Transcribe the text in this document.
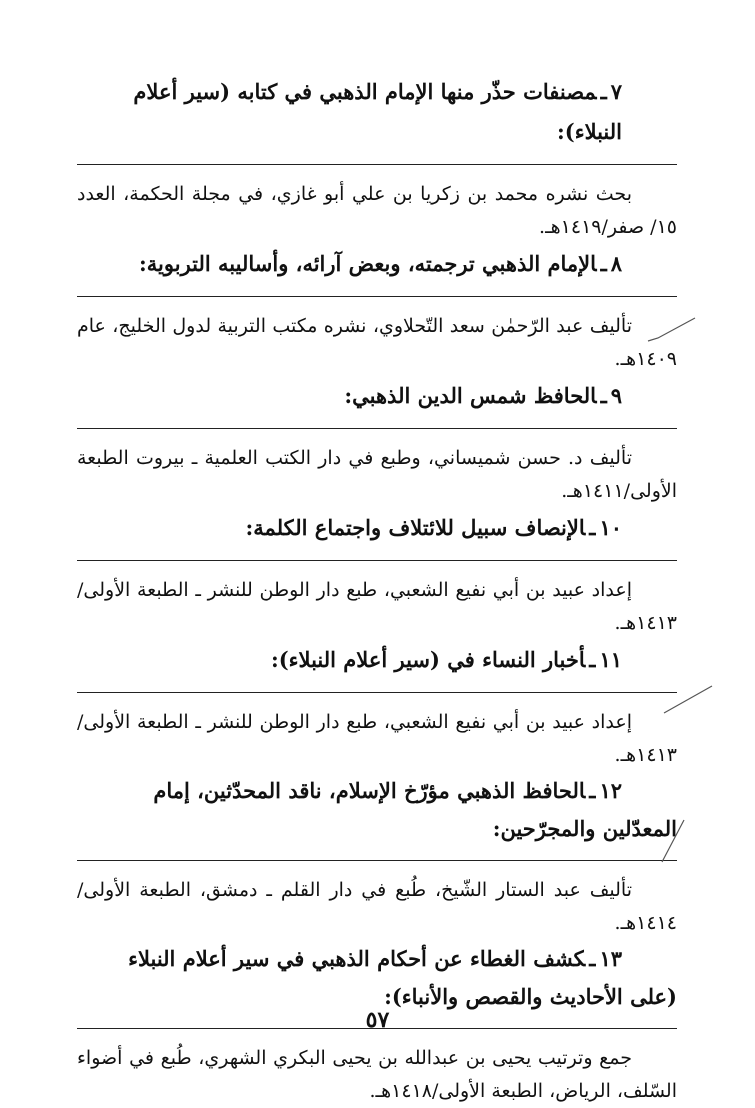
٧ـمصنفات حذّر منها الإمام الذهبي في كتابه (سير أعلام النبلاء):

بحث نشره محمد بن زكريا بن علي أبو غازي، في مجلة الحكمة، العدد ١٥/ صفر/١٤١٩هـ.

٨ـالإمام الذهبي ترجمته، وبعض آرائه، وأساليبه التربوية:

تأليف عبد الرّحمٰن سعد التّحلاوي، نشره مكتب التربية لدول الخليج، عام ١٤٠٩هـ.

٩ـالحافظ شمس الدين الذهبي:

تأليف د. حسن شميساني، وطبع في دار الكتب العلمية ـ بيروت الطبعة الأولى/١٤١١هـ.

١٠ـالإنصاف سبيل للائتلاف واجتماع الكلمة:

إعداد عبيد بن أبي نفيع الشعبي، طبع دار الوطن للنشر ـ الطبعة الأولى/ ١٤١٣هـ.

١١ـأخبار النساء في (سير أعلام النبلاء):

إعداد عبيد بن أبي نفيع الشعبي، طبع دار الوطن للنشر ـ الطبعة الأولى/١٤١٣هـ.

١٢ـالحافظ الذهبي مؤرّخ الإسلام، ناقد المحدّثين، إمام المعدّلين والمجرّحين:

تأليف عبد الستار الشّيخ، طُبع في دار القلم ـ دمشق، الطبعة الأولى/ ١٤١٤هـ.

١٣ـكشف الغطاء عن أحكام الذهبي في سير أعلام النبلاء (على الأحاديث والقصص والأنباء):

جمع وترتيب يحيى بن عبدالله بن يحيى البكري الشهري، طُبع في أضواء السّلف، الرياض، الطبعة الأولى/١٤١٨هـ.

٥٧
